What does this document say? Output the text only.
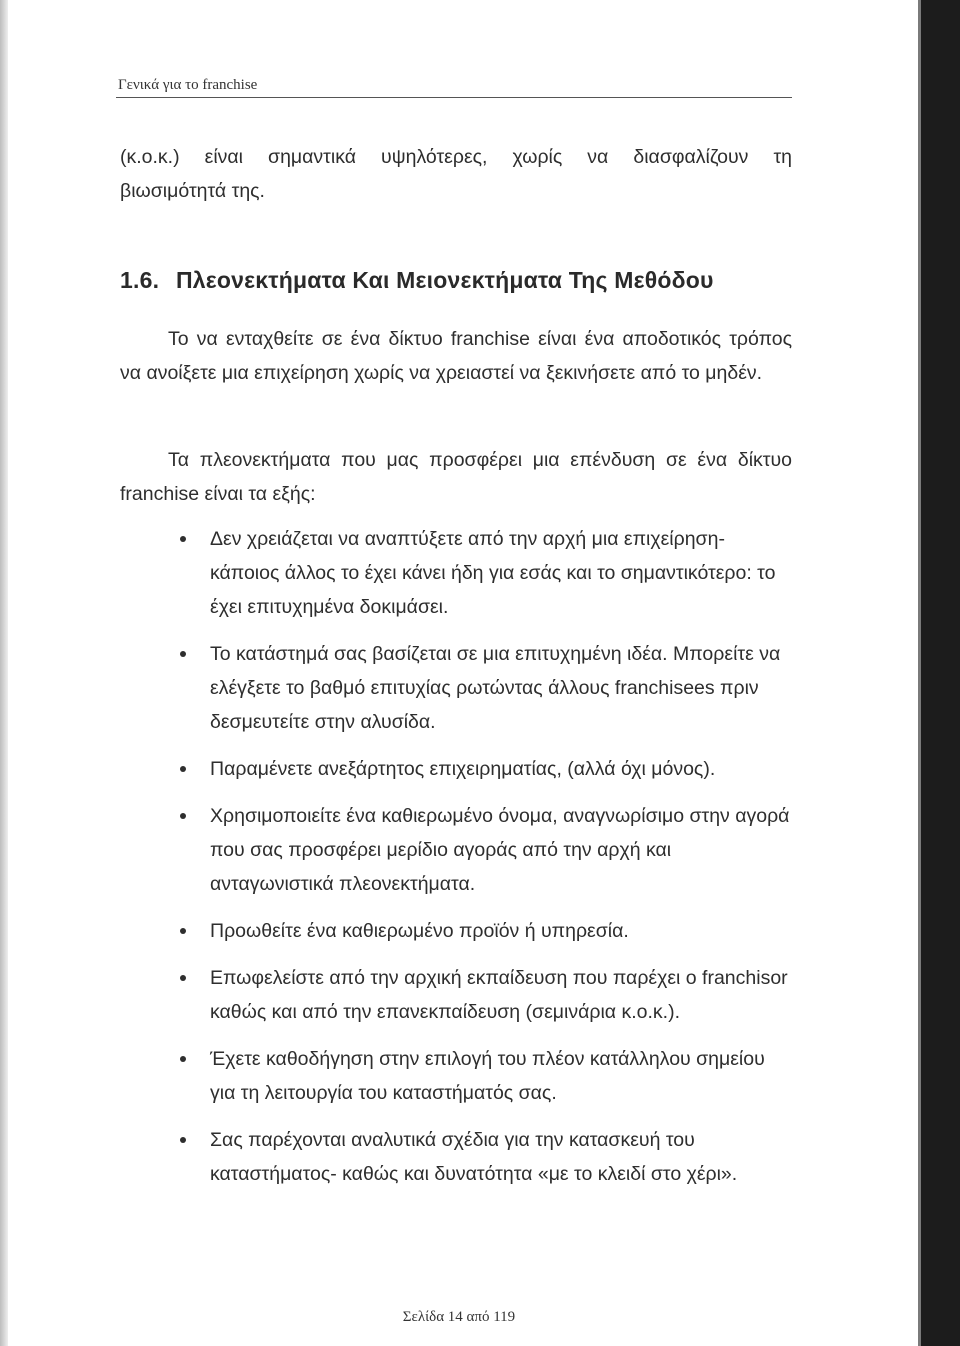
Γενικά για το franchise
(κ.ο.κ.) είναι σημαντικά υψηλότερες, χωρίς να διασφαλίζουν τη
βιωσιμότητά της.
1.6. Πλεονεκτήματα Και Μειονεκτήματα Της Μεθόδου
Το να ενταχθείτε σε ένα δίκτυο franchise είναι ένα αποδοτικός τρόπος
να ανοίξετε μια επιχείρηση χωρίς να χρειαστεί να ξεκινήσετε από το μηδέν.
Τα πλεονεκτήματα που μας προσφέρει μια επένδυση σε ένα δίκτυο
franchise είναι τα εξής:
Δεν χρειάζεται να αναπτύξετε από την αρχή μια επιχείρηση- κάποιος άλλος το έχει κάνει ήδη για εσάς και το σημαντικότερο: το έχει επιτυχημένα δοκιμάσει.
Το κατάστημά σας βασίζεται σε μια επιτυχημένη ιδέα. Μπορείτε να ελέγξετε το βαθμό επιτυχίας ρωτώντας άλλους franchisees πριν δεσμευτείτε στην αλυσίδα.
Παραμένετε ανεξάρτητος επιχειρηματίας, (αλλά όχι μόνος).
Χρησιμοποιείτε ένα καθιερωμένο όνομα, αναγνωρίσιμο στην αγορά που σας προσφέρει μερίδιο αγοράς από την αρχή και ανταγωνιστικά πλεονεκτήματα.
Προωθείτε ένα καθιερωμένο προϊόν ή υπηρεσία.
Επωφελείστε από την αρχική εκπαίδευση που παρέχει ο franchisor καθώς και από την επανεκπαίδευση (σεμινάρια κ.ο.κ.).
Έχετε καθοδήγηση στην επιλογή του πλέον κατάλληλου σημείου για τη λειτουργία του καταστήματός σας.
Σας παρέχονται αναλυτικά σχέδια για την κατασκευή του καταστήματος- καθώς και δυνατότητα «με το κλειδί στο χέρι».
Σελίδα 14 από 119
